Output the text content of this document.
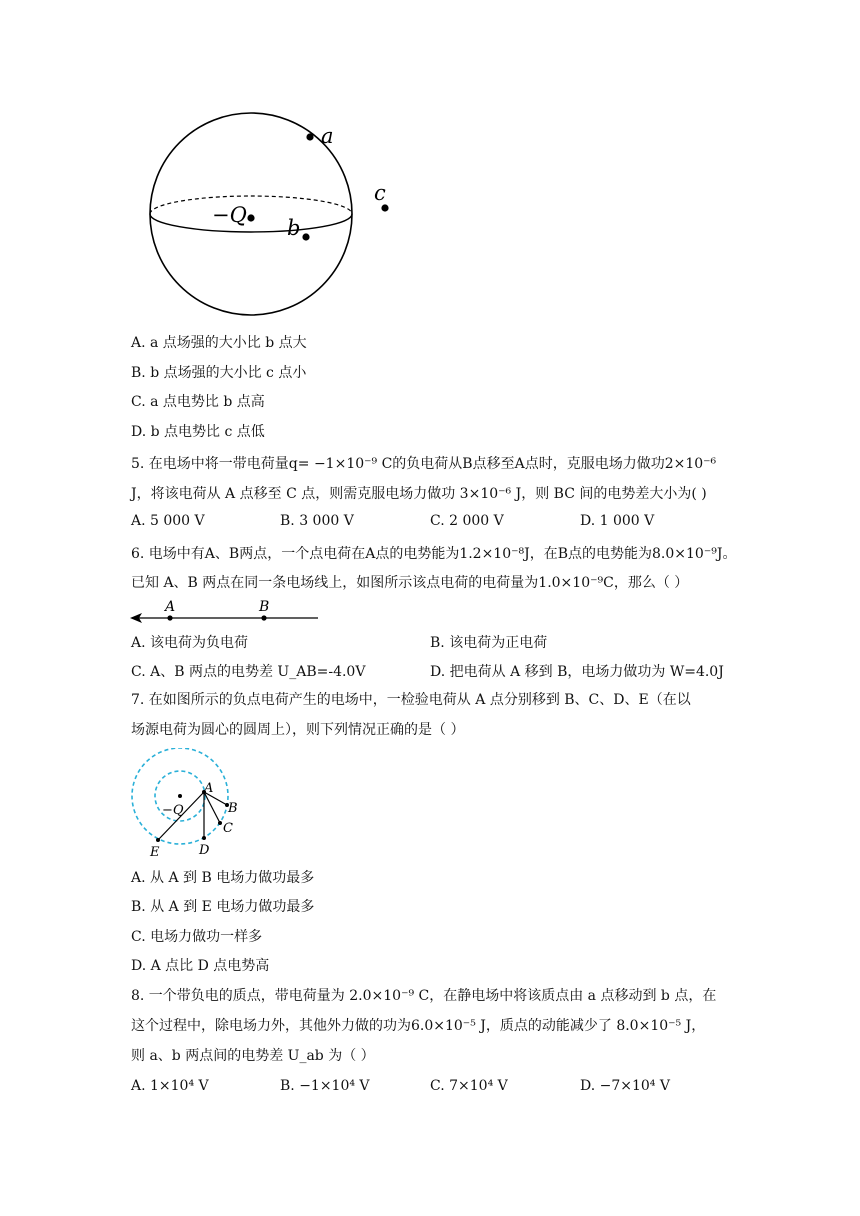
a
b
c
−Q
A. a 点场强的大小比 b 点大
B. b 点场强的大小比 c 点小
C. a 点电势比 b 点高
D. b 点电势比 c 点低
5. 在电场中将一带电荷量q= −1×10⁻⁹ C的负电荷从B点移至A点时，克服电场力做功2×10⁻⁶
J，将该电荷从 A 点移至 C 点，则需克服电场力做功 3×10⁻⁶ J，则 BC 间的电势差大小为( )
A. 5 000 V	B. 3 000 V	C. 2 000 V	D. 1 000 V
6. 电场中有A、B两点，一个点电荷在A点的电势能为1.2×10⁻⁸J，在B点的电势能为8.0×10⁻⁹J。
已知 A、B 两点在同一条电场线上，如图所示该点电荷的电荷量为1.0×10⁻⁹C，那么（ ）
A	B
A. 该电荷为负电荷	B. 该电荷为正电荷
C. A、B 两点的电势差 U_AB=-4.0V	D. 把电荷从 A 移到 B，电场力做功为 W=4.0J
7. 在如图所示的负点电荷产生的电场中，一检验电荷从 A 点分别移到 B、C、D、E（在以
场源电荷为圆心的圆周上），则下列情况正确的是（ ）
−Q
A
B
C
D
E
A. 从 A 到 B 电场力做功最多
B. 从 A 到 E 电场力做功最多
C. 电场力做功一样多
D. A 点比 D 点电势高
8. 一个带负电的质点，带电荷量为 2.0×10⁻⁹ C，在静电场中将该质点由 a 点移动到 b 点，在
这个过程中，除电场力外，其他外力做的功为6.0×10⁻⁵ J，质点的动能减少了 8.0×10⁻⁵ J，
则 a、b 两点间的电势差 U_ab 为（ ）
A. 1×10⁴ V	B. −1×10⁴ V	C. 7×10⁴ V	D. −7×10⁴ V
